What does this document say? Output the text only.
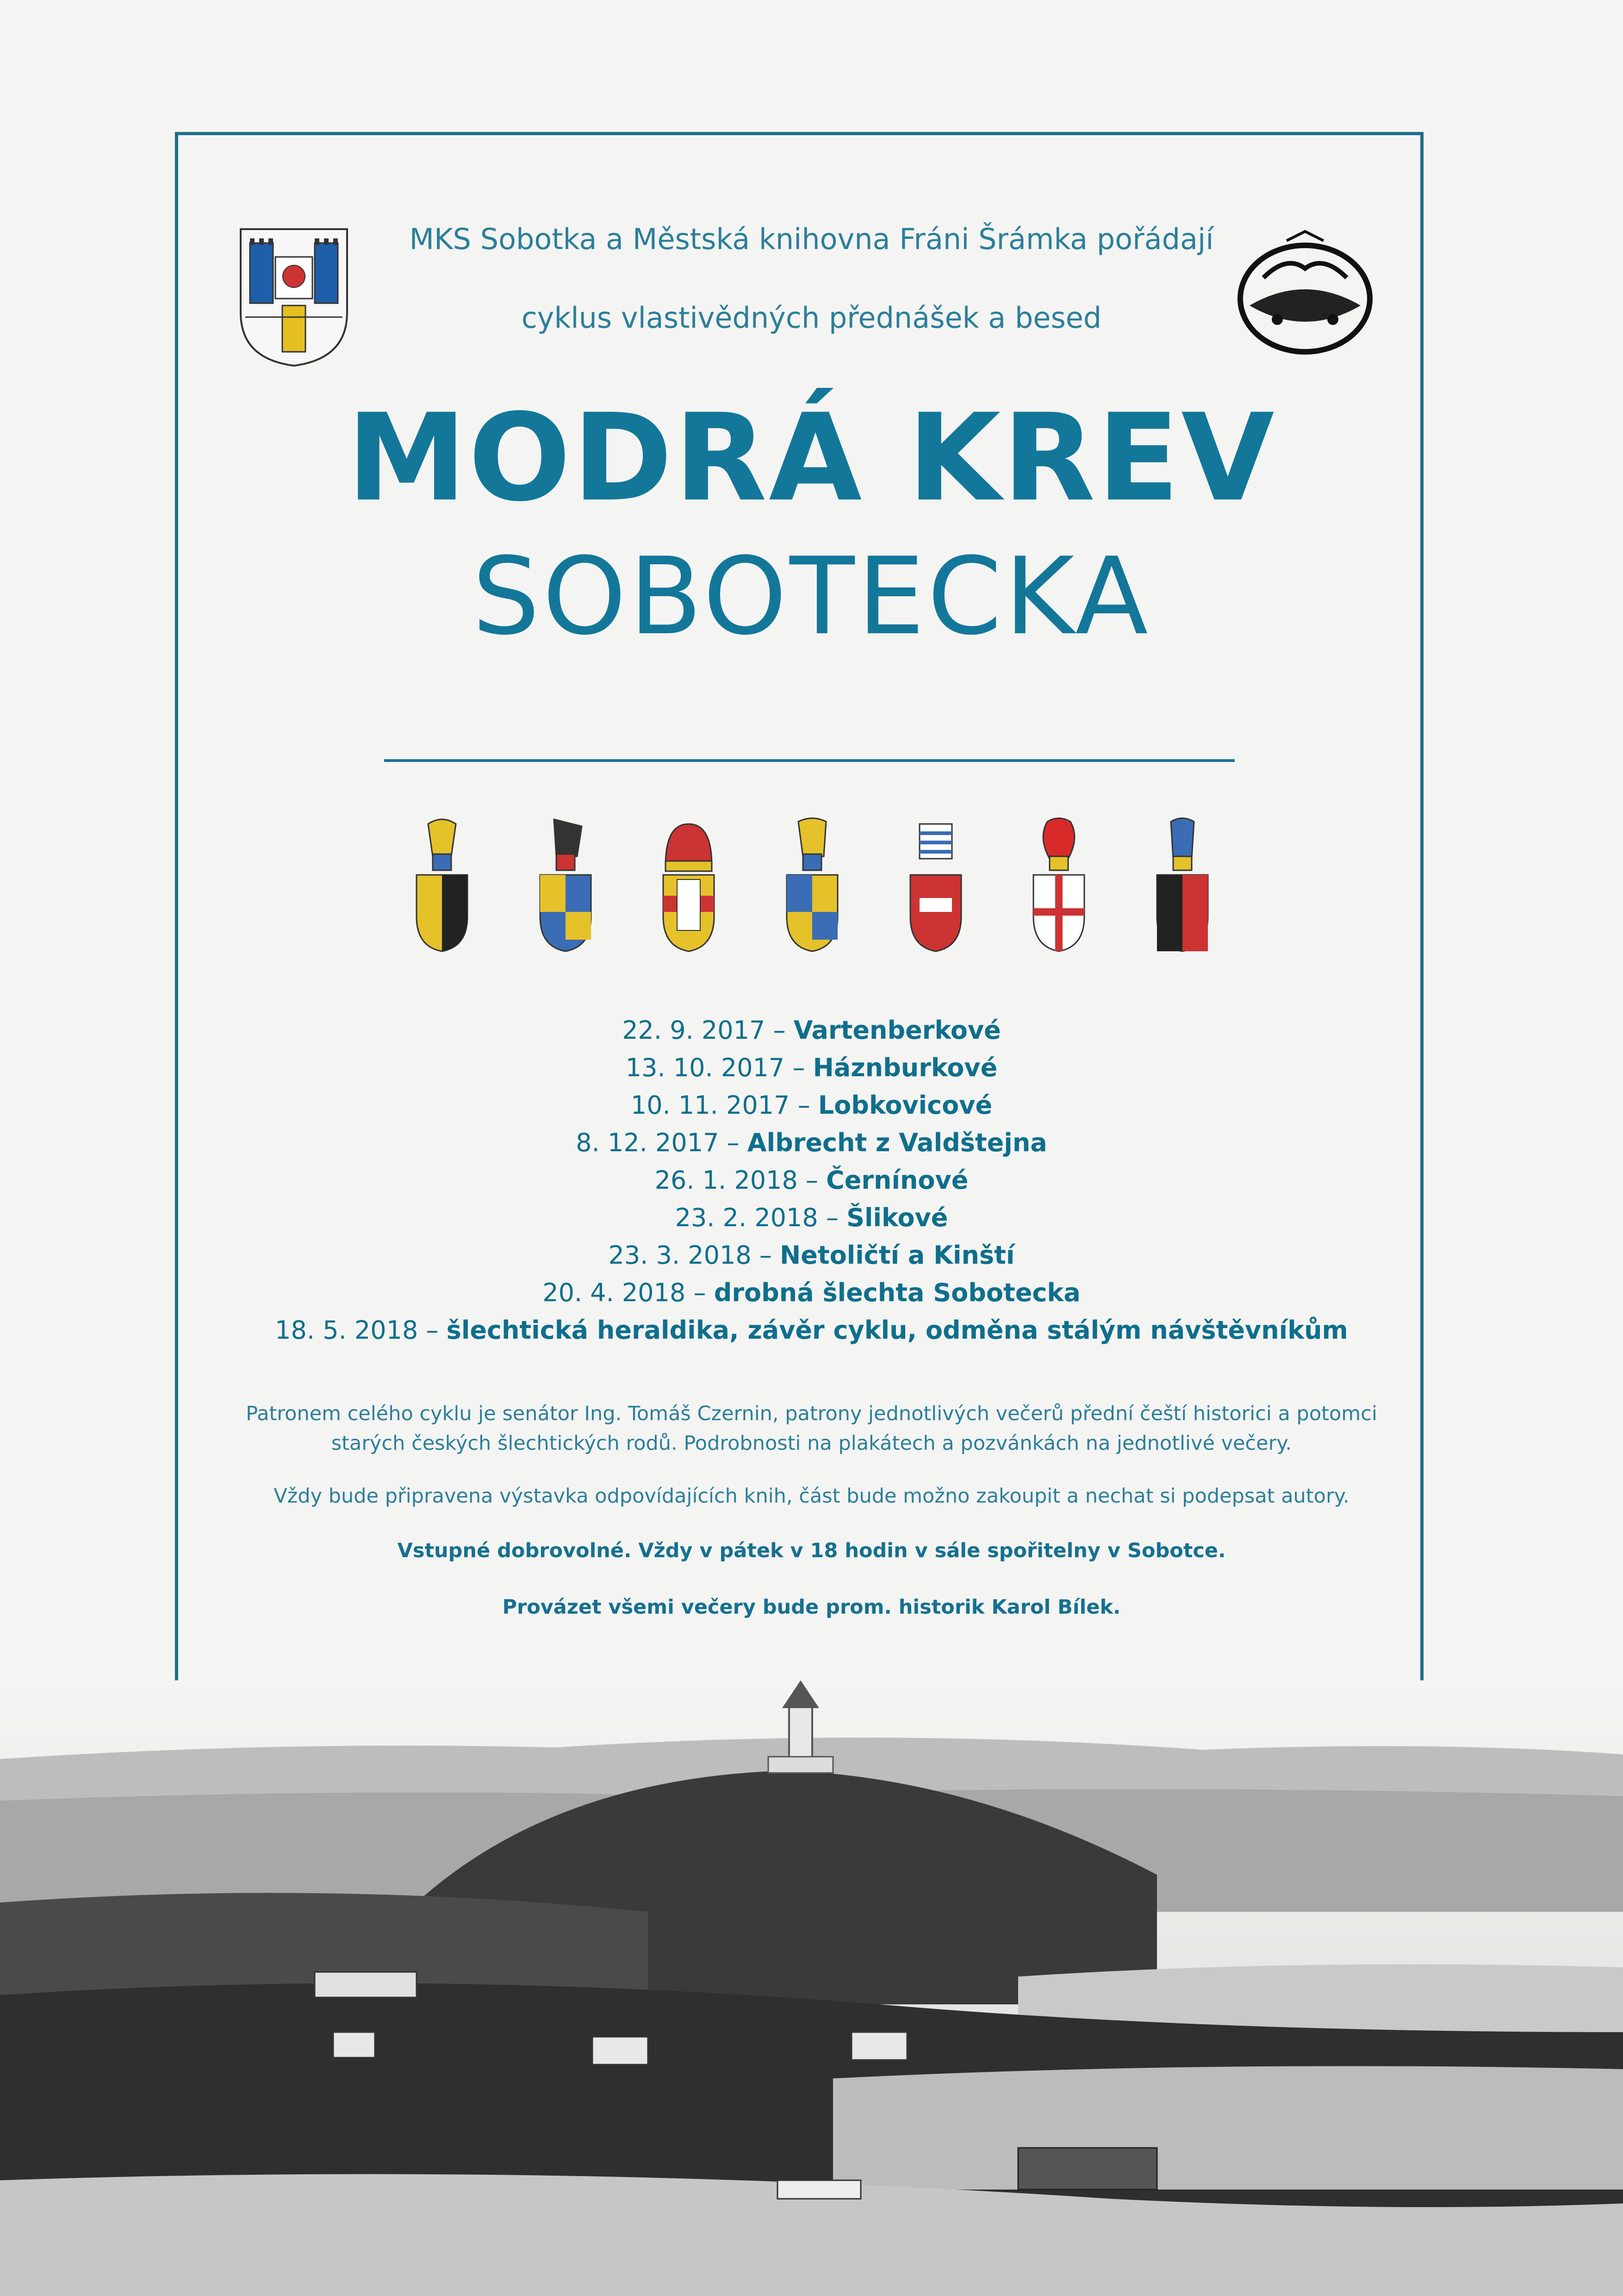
MKS Sobotka a Městská knihovna Fráni Šrámka pořádají
cyklus vlastivědných přednášek a besed
MODRÁ KREV
SOBOTECKA
22. 9. 2017 – Vartenberkové
13. 10. 2017 – Háznburkové
10. 11. 2017 – Lobkovicové
8. 12. 2017 – Albrecht z Valdštejna
26. 1. 2018 – Černínové
23. 2. 2018 – Šlikové
23. 3. 2018 – Netoličtí a Kinští
20. 4. 2018 – drobná šlechta Sobotecka
18. 5. 2018 – šlechtická heraldika, závěr cyklu, odměna stálým návštěvníkům
Patronem celého cyklu je senátor Ing. Tomáš Czernin, patrony jednotlivých večerů přední čeští historici a potomci starých českých šlechtických rodů. Podrobnosti na plakátech a pozvánkách na jednotlivé večery.
Vždy bude připravena výstavka odpovídajících knih, část bude možno zakoupit a nechat si podepsat autory.
Vstupné dobrovolné. Vždy v pátek v 18 hodin v sále spořitelny v Sobotce.
Provázet všemi večery bude prom. historik Karol Bílek.
